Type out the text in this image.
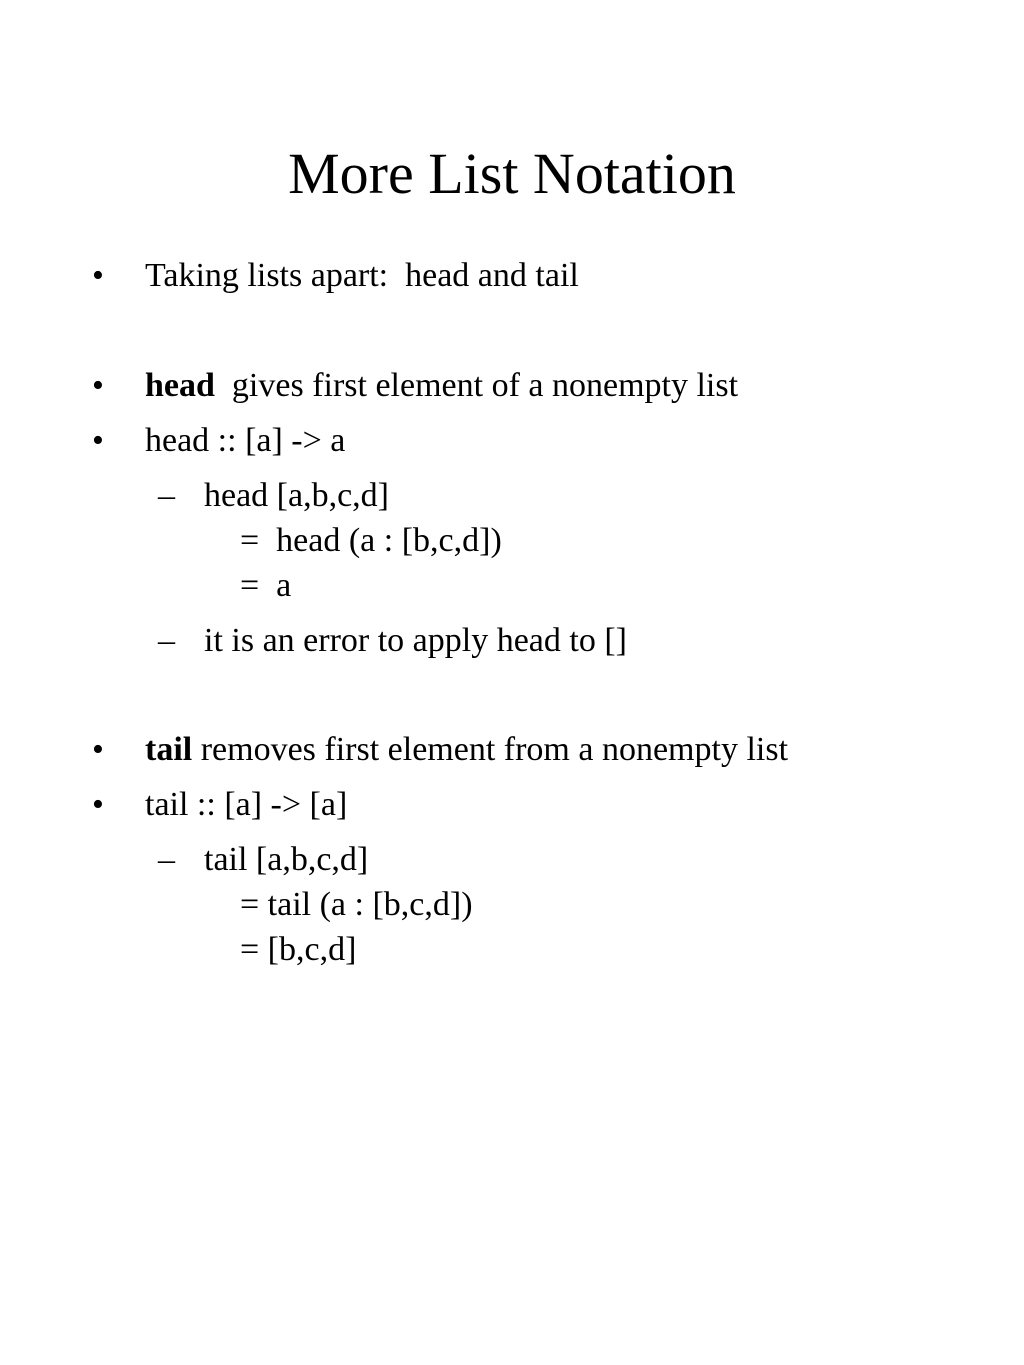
More List Notation
• Taking lists apart:  head and tail
• head  gives first element of a nonempty list
• head :: [a] -> a
– head [a,b,c,d]
=  head (a : [b,c,d])
=  a
– it is an error to apply head to []
• tail removes first element from a nonempty list
• tail :: [a] -> [a]
– tail [a,b,c,d]
= tail (a : [b,c,d])
= [b,c,d]
